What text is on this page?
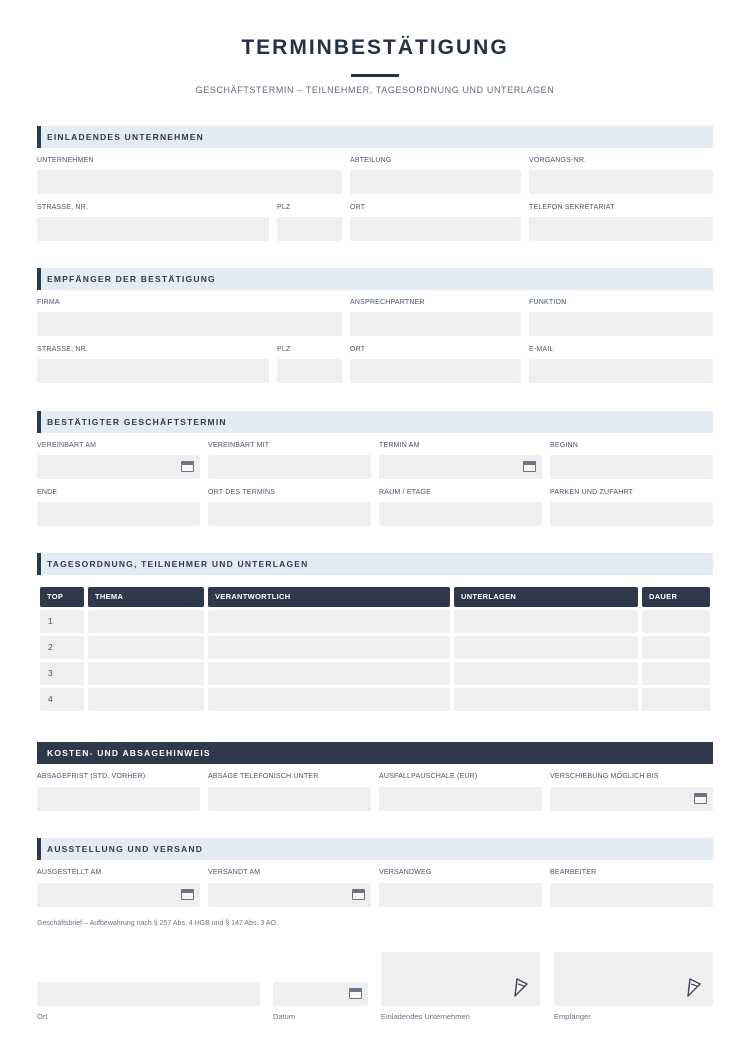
TERMINBESTÄTIGUNG
GESCHÄFTSTERMIN – TEILNEHMER, TAGESORDNUNG UND UNTERLAGEN
EINLADENDES UNTERNEHMEN
UNTERNEHMEN	ABTEILUNG	VORGANGS-NR.
STRASSE, NR.	PLZ	ORT	TELEFON SEKRETARIAT
EMPFÄNGER DER BESTÄTIGUNG
FIRMA	ANSPRECHPARTNER	FUNKTION
STRASSE, NR.	PLZ	ORT	E-MAIL
BESTÄTIGTER GESCHÄFTSTERMIN
VEREINBART AM	VEREINBART MIT	TERMIN AM	BEGINN
ENDE	ORT DES TERMINS	RAUM / ETAGE	PARKEN UND ZUFAHRT
TAGESORDNUNG, TEILNEHMER UND UNTERLAGEN
TOP	THEMA	VERANTWORTLICH	UNTERLAGEN	DAUER
1
2
3
4
KOSTEN- UND ABSAGEHINWEIS
ABSAGEFRIST (STD. VORHER)	ABSAGE TELEFONISCH UNTER	AUSFALLPAUSCHALE (EUR)	VERSCHIEBUNG MÖGLICH BIS
AUSSTELLUNG UND VERSAND
AUSGESTELLT AM	VERSANDT AM	VERSANDWEG	BEARBEITER
Geschäftsbrief – Aufbewahrung nach § 257 Abs. 4 HGB und § 147 Abs. 3 AO.
Ort	Datum	Einladendes Unternehmen	Empfänger
